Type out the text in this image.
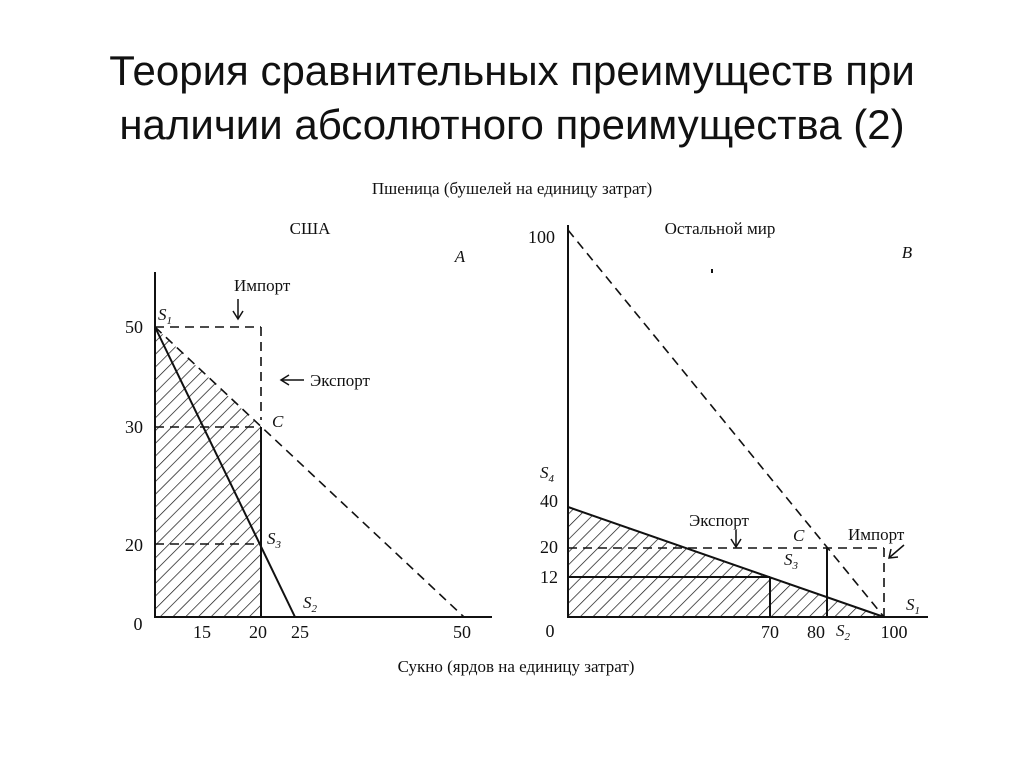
Теория сравнительных преимуществ при
наличии абсолютного преимущества (2)
Пшеница (бушелей на единицу затрат)
Сукно (ярдов на единицу затрат)
США
A
50
30
20
0	15 20 25	50
$S_1$
C
$S_3$
$S_2$
Импорт
Экспорт
Остальной мир
B
100
40
20
12
0	70 80	100
$S_4$
C
$S_3$
$S_2$
$S_1$
Экспорт
Импорт
